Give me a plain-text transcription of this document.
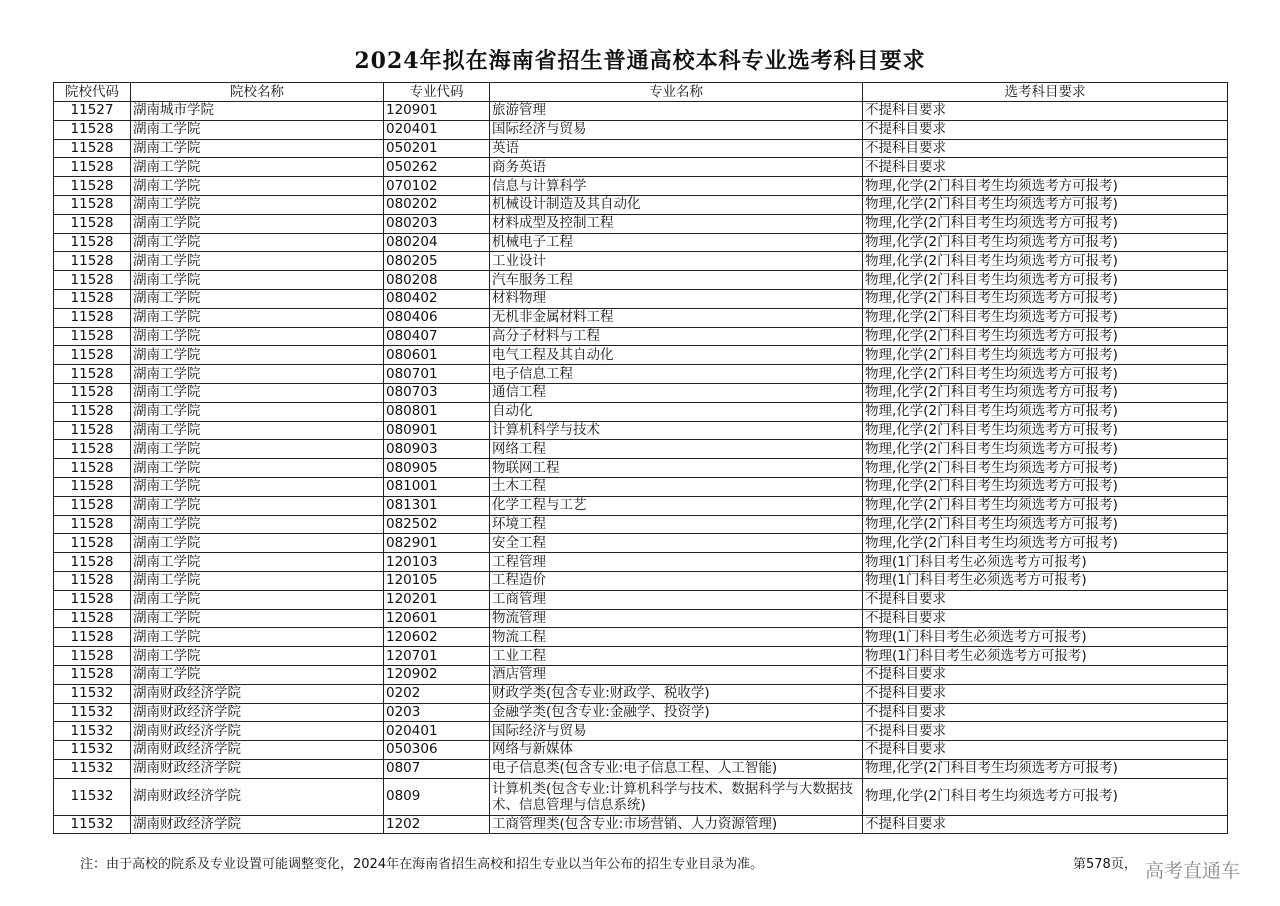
2024年拟在海南省招生普通高校本科专业选考科目要求
院校代码	院校名称	专业代码	专业名称	选考科目要求
11527	湖南城市学院	120901	旅游管理	不提科目要求
11528	湖南工学院	020401	国际经济与贸易	不提科目要求
11528	湖南工学院	050201	英语	不提科目要求
11528	湖南工学院	050262	商务英语	不提科目要求
11528	湖南工学院	070102	信息与计算科学	物理,化学(2门科目考生均须选考方可报考)
11528	湖南工学院	080202	机械设计制造及其自动化	物理,化学(2门科目考生均须选考方可报考)
11528	湖南工学院	080203	材料成型及控制工程	物理,化学(2门科目考生均须选考方可报考)
11528	湖南工学院	080204	机械电子工程	物理,化学(2门科目考生均须选考方可报考)
11528	湖南工学院	080205	工业设计	物理,化学(2门科目考生均须选考方可报考)
11528	湖南工学院	080208	汽车服务工程	物理,化学(2门科目考生均须选考方可报考)
11528	湖南工学院	080402	材料物理	物理,化学(2门科目考生均须选考方可报考)
11528	湖南工学院	080406	无机非金属材料工程	物理,化学(2门科目考生均须选考方可报考)
11528	湖南工学院	080407	高分子材料与工程	物理,化学(2门科目考生均须选考方可报考)
11528	湖南工学院	080601	电气工程及其自动化	物理,化学(2门科目考生均须选考方可报考)
11528	湖南工学院	080701	电子信息工程	物理,化学(2门科目考生均须选考方可报考)
11528	湖南工学院	080703	通信工程	物理,化学(2门科目考生均须选考方可报考)
11528	湖南工学院	080801	自动化	物理,化学(2门科目考生均须选考方可报考)
11528	湖南工学院	080901	计算机科学与技术	物理,化学(2门科目考生均须选考方可报考)
11528	湖南工学院	080903	网络工程	物理,化学(2门科目考生均须选考方可报考)
11528	湖南工学院	080905	物联网工程	物理,化学(2门科目考生均须选考方可报考)
11528	湖南工学院	081001	土木工程	物理,化学(2门科目考生均须选考方可报考)
11528	湖南工学院	081301	化学工程与工艺	物理,化学(2门科目考生均须选考方可报考)
11528	湖南工学院	082502	环境工程	物理,化学(2门科目考生均须选考方可报考)
11528	湖南工学院	082901	安全工程	物理,化学(2门科目考生均须选考方可报考)
11528	湖南工学院	120103	工程管理	物理(1门科目考生必须选考方可报考)
11528	湖南工学院	120105	工程造价	物理(1门科目考生必须选考方可报考)
11528	湖南工学院	120201	工商管理	不提科目要求
11528	湖南工学院	120601	物流管理	不提科目要求
11528	湖南工学院	120602	物流工程	物理(1门科目考生必须选考方可报考)
11528	湖南工学院	120701	工业工程	物理(1门科目考生必须选考方可报考)
11528	湖南工学院	120902	酒店管理	不提科目要求
11532	湖南财政经济学院	0202	财政学类(包含专业:财政学、税收学)	不提科目要求
11532	湖南财政经济学院	0203	金融学类(包含专业:金融学、投资学)	不提科目要求
11532	湖南财政经济学院	020401	国际经济与贸易	不提科目要求
11532	湖南财政经济学院	050306	网络与新媒体	不提科目要求
11532	湖南财政经济学院	0807	电子信息类(包含专业:电子信息工程、人工智能)	物理,化学(2门科目考生均须选考方可报考)
11532	湖南财政经济学院	0809	计算机类(包含专业:计算机科学与技术、数据科学与大数据技术、信息管理与信息系统)	物理,化学(2门科目考生均须选考方可报考)
11532	湖南财政经济学院	1202	工商管理类(包含专业:市场营销、人力资源管理)	不提科目要求
注：由于高校的院系及专业设置可能调整变化，2024年在海南省招生高校和招生专业以当年公布的招生专业目录为准。	第578页， 高考直通车
